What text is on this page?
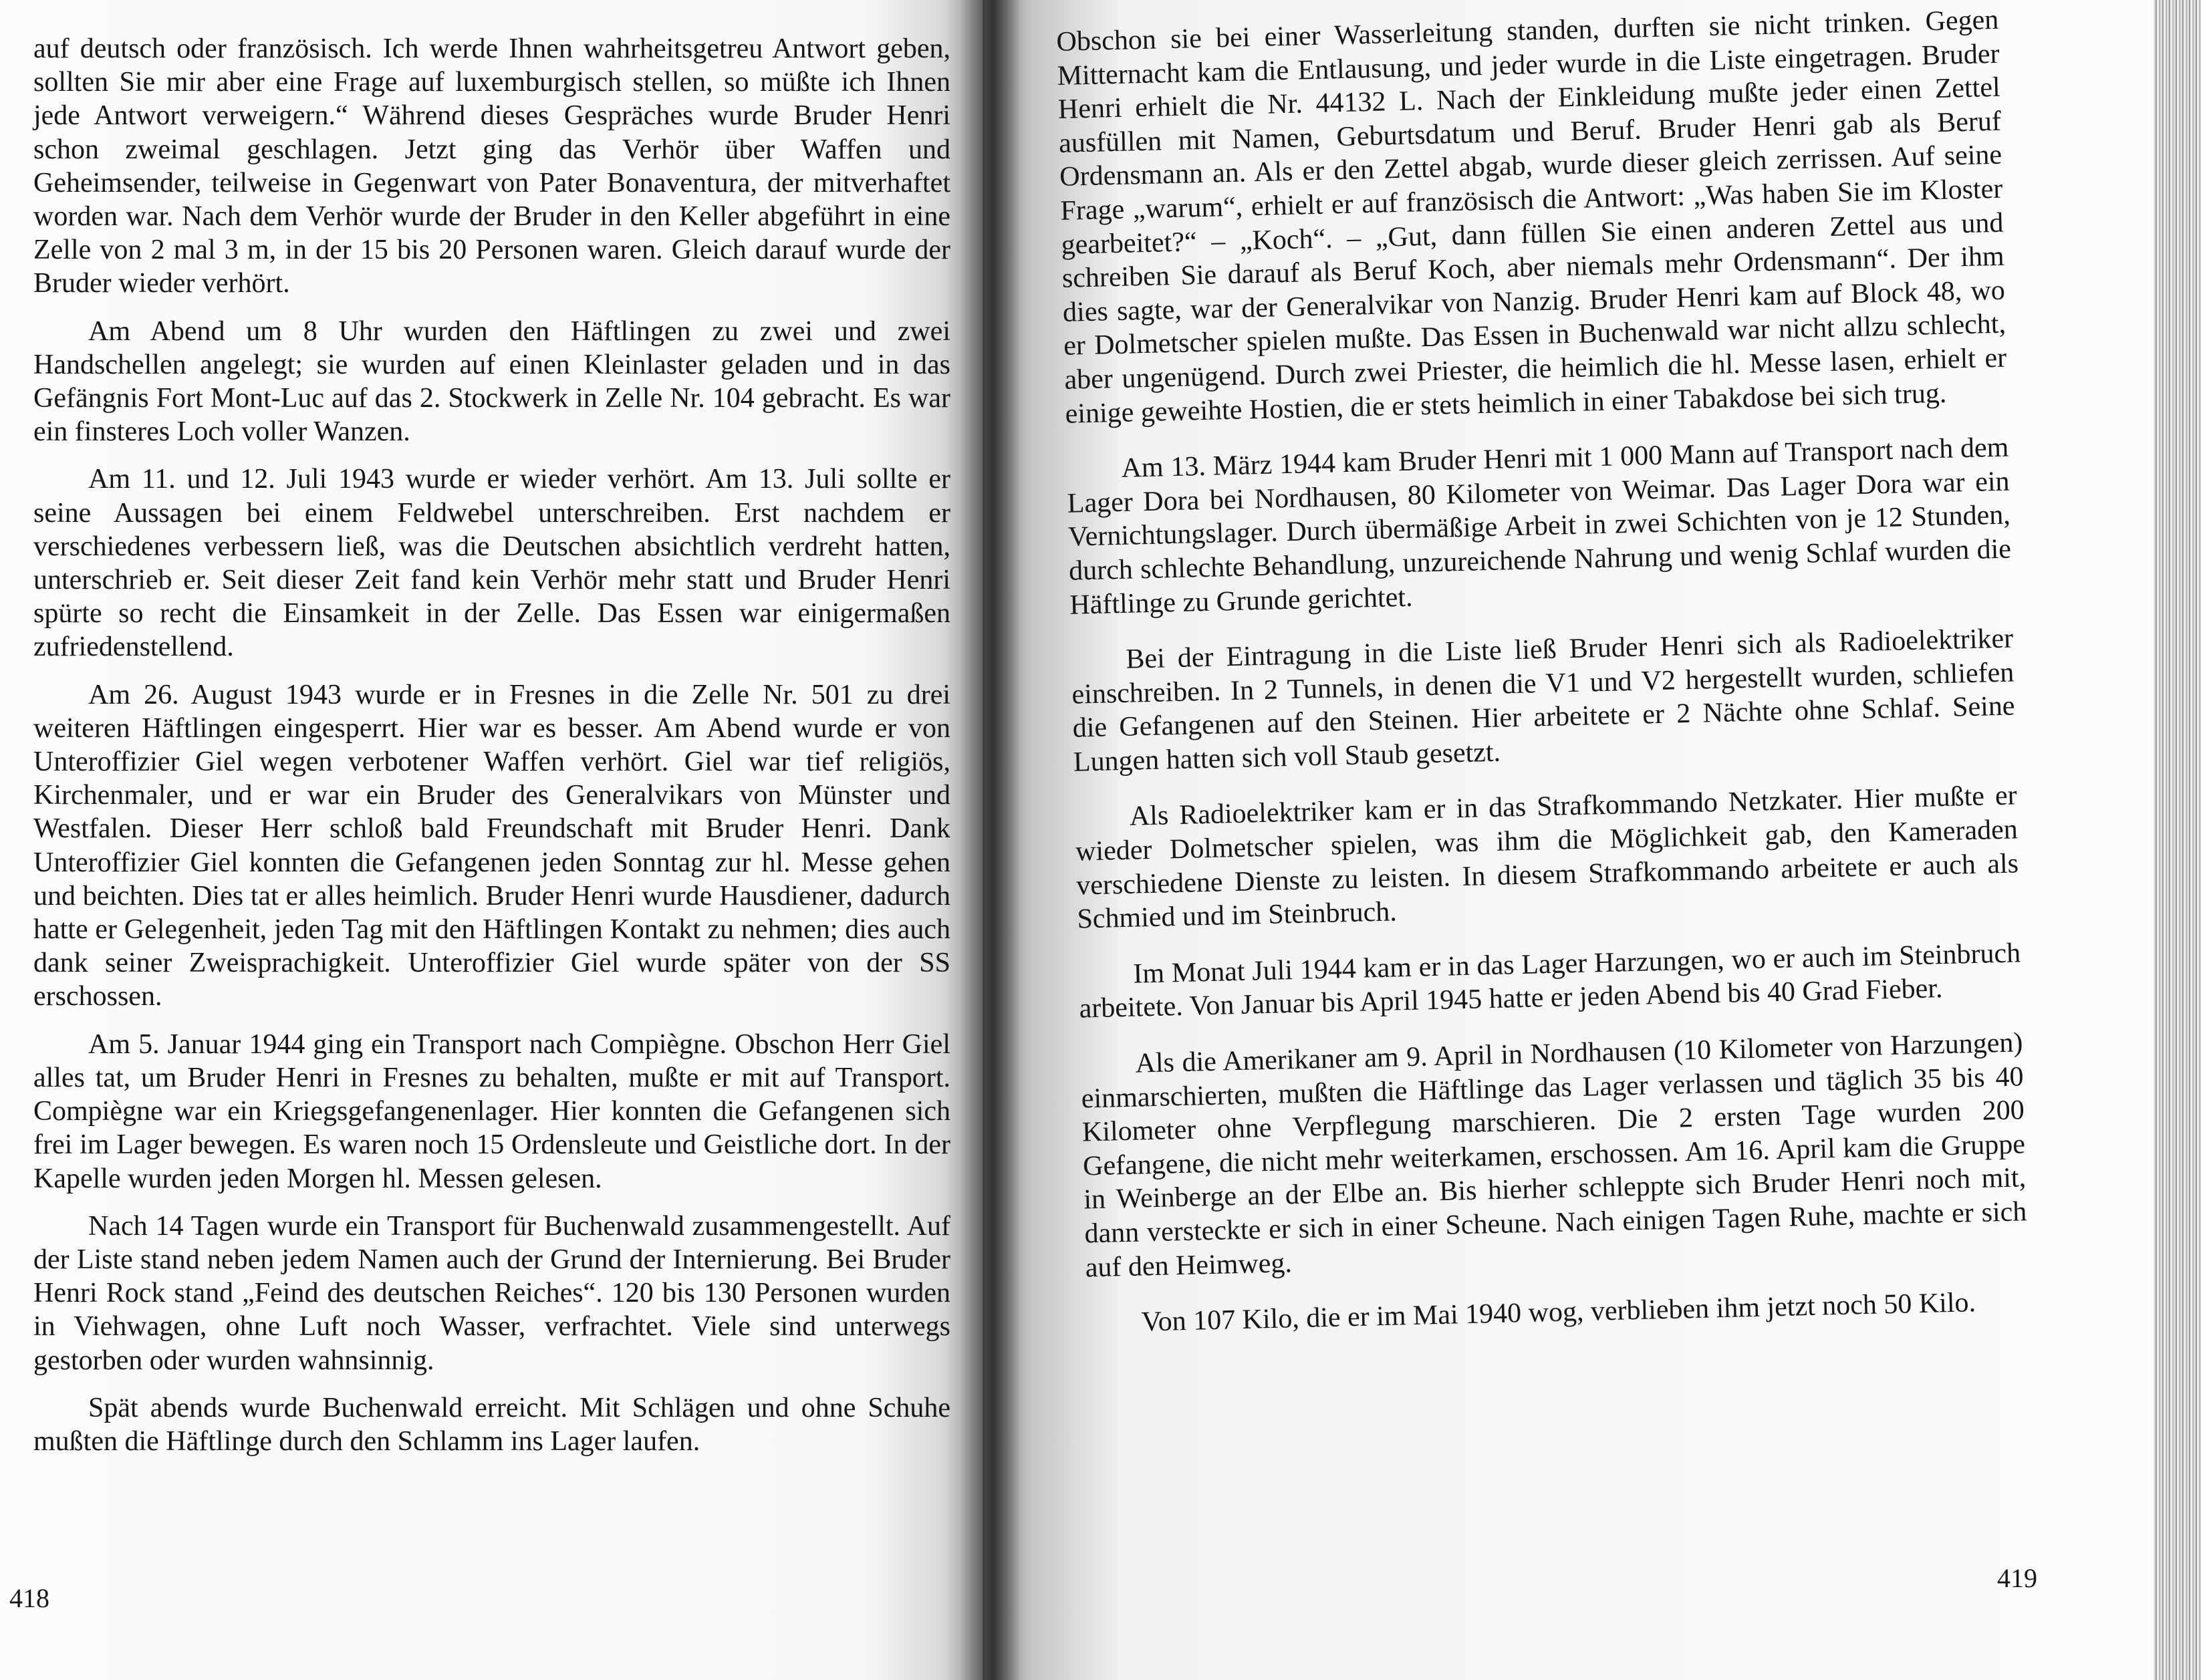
auf deutsch oder französisch. Ich werde Ihnen wahrheitsgetreu Antwort geben, sollten Sie mir aber eine Frage auf luxemburgisch stellen, so müßte ich Ihnen jede Antwort verweigern.“ Während dieses Gespräches wurde Bruder Henri schon zweimal geschlagen. Jetzt ging das Verhör über Waffen und Geheimsender, teilweise in Gegenwart von Pater Bonaventura, der mitverhaftet worden war. Nach dem Verhör wurde der Bruder in den Keller abgeführt in eine Zelle von 2 mal 3 m, in der 15 bis 20 Personen waren. Gleich darauf wurde der Bruder wieder verhört.

Am Abend um 8 Uhr wurden den Häftlingen zu zwei und zwei Handschellen angelegt; sie wurden auf einen Kleinlaster geladen und in das Gefängnis Fort Mont-Luc auf das 2. Stockwerk in Zelle Nr. 104 gebracht. Es war ein finsteres Loch voller Wanzen.

Am 11. und 12. Juli 1943 wurde er wieder verhört. Am 13. Juli sollte er seine Aussagen bei einem Feldwebel unterschreiben. Erst nachdem er verschiedenes verbessern ließ, was die Deutschen absichtlich verdreht hatten, unterschrieb er. Seit dieser Zeit fand kein Verhör mehr statt und Bruder Henri spürte so recht die Einsamkeit in der Zelle. Das Essen war einigermaßen zufriedenstellend.

Am 26. August 1943 wurde er in Fresnes in die Zelle Nr. 501 zu drei weiteren Häftlingen eingesperrt. Hier war es besser. Am Abend wurde er von Unteroffizier Giel wegen verbotener Waffen verhört. Giel war tief religiös, Kirchenmaler, und er war ein Bruder des Generalvikars von Münster und Westfalen. Dieser Herr schloß bald Freundschaft mit Bruder Henri. Dank Unteroffizier Giel konnten die Gefangenen jeden Sonntag zur hl. Messe gehen und beichten. Dies tat er alles heimlich. Bruder Henri wurde Hausdiener, dadurch hatte er Gelegenheit, jeden Tag mit den Häftlingen Kontakt zu nehmen; dies auch dank seiner Zweisprachigkeit. Unteroffizier Giel wurde später von der SS erschossen.

Am 5. Januar 1944 ging ein Transport nach Compiègne. Obschon Herr Giel alles tat, um Bruder Henri in Fresnes zu behalten, mußte er mit auf Transport. Compiègne war ein Kriegsgefangenenlager. Hier konnten die Gefangenen sich frei im Lager bewegen. Es waren noch 15 Ordensleute und Geistliche dort. In der Kapelle wurden jeden Morgen hl. Messen gelesen.

Nach 14 Tagen wurde ein Transport für Buchenwald zusammengestellt. Auf der Liste stand neben jedem Namen auch der Grund der Internierung. Bei Bruder Henri Rock stand „Feind des deutschen Reiches“. 120 bis 130 Personen wurden in Viehwagen, ohne Luft noch Wasser, verfrachtet. Viele sind unterwegs gestorben oder wurden wahnsinnig.

Spät abends wurde Buchenwald erreicht. Mit Schlägen und ohne Schuhe mußten die Häftlinge durch den Schlamm ins Lager laufen.

418

Obschon sie bei einer Wasserleitung standen, durften sie nicht trinken. Gegen Mitternacht kam die Entlausung, und jeder wurde in die Liste eingetragen. Bruder Henri erhielt die Nr. 44132 L. Nach der Einkleidung mußte jeder einen Zettel ausfüllen mit Namen, Geburtsdatum und Beruf. Bruder Henri gab als Beruf Ordensmann an. Als er den Zettel abgab, wurde dieser gleich zerrissen. Auf seine Frage „warum“, erhielt er auf französisch die Antwort: „Was haben Sie im Kloster gearbeitet?“ – „Koch“. – „Gut, dann füllen Sie einen anderen Zettel aus und schreiben Sie darauf als Beruf Koch, aber niemals mehr Ordensmann“. Der ihm dies sagte, war der Generalvikar von Nanzig. Bruder Henri kam auf Block 48, wo er Dolmetscher spielen mußte. Das Essen in Buchenwald war nicht allzu schlecht, aber ungenügend. Durch zwei Priester, die heimlich die hl. Messe lasen, erhielt er einige geweihte Hostien, die er stets heimlich in einer Tabakdose bei sich trug.

Am 13. März 1944 kam Bruder Henri mit 1 000 Mann auf Transport nach dem Lager Dora bei Nordhausen, 80 Kilometer von Weimar. Das Lager Dora war ein Vernichtungslager. Durch übermäßige Arbeit in zwei Schichten von je 12 Stunden, durch schlechte Behandlung, unzureichende Nahrung und wenig Schlaf wurden die Häftlinge zu Grunde gerichtet.

Bei der Eintragung in die Liste ließ Bruder Henri sich als Radioelektriker einschreiben. In 2 Tunnels, in denen die V1 und V2 hergestellt wurden, schliefen die Gefangenen auf den Steinen. Hier arbeitete er 2 Nächte ohne Schlaf. Seine Lungen hatten sich voll Staub gesetzt.

Als Radioelektriker kam er in das Strafkommando Netzkater. Hier mußte er wieder Dolmetscher spielen, was ihm die Möglichkeit gab, den Kameraden verschiedene Dienste zu leisten. In diesem Strafkommando arbeitete er auch als Schmied und im Steinbruch.

Im Monat Juli 1944 kam er in das Lager Harzungen, wo er auch im Steinbruch arbeitete. Von Januar bis April 1945 hatte er jeden Abend bis 40 Grad Fieber.

Als die Amerikaner am 9. April in Nordhausen (10 Kilometer von Harzungen) einmarschierten, mußten die Häftlinge das Lager verlassen und täglich 35 bis 40 Kilometer ohne Verpflegung marschieren. Die 2 ersten Tage wurden 200 Gefangene, die nicht mehr weiterkamen, erschossen. Am 16. April kam die Gruppe in Weinberge an der Elbe an. Bis hierher schleppte sich Bruder Henri noch mit, dann versteckte er sich in einer Scheune. Nach einigen Tagen Ruhe, machte er sich auf den Heimweg.

Von 107 Kilo, die er im Mai 1940 wog, verblieben ihm jetzt noch 50 Kilo.

419
